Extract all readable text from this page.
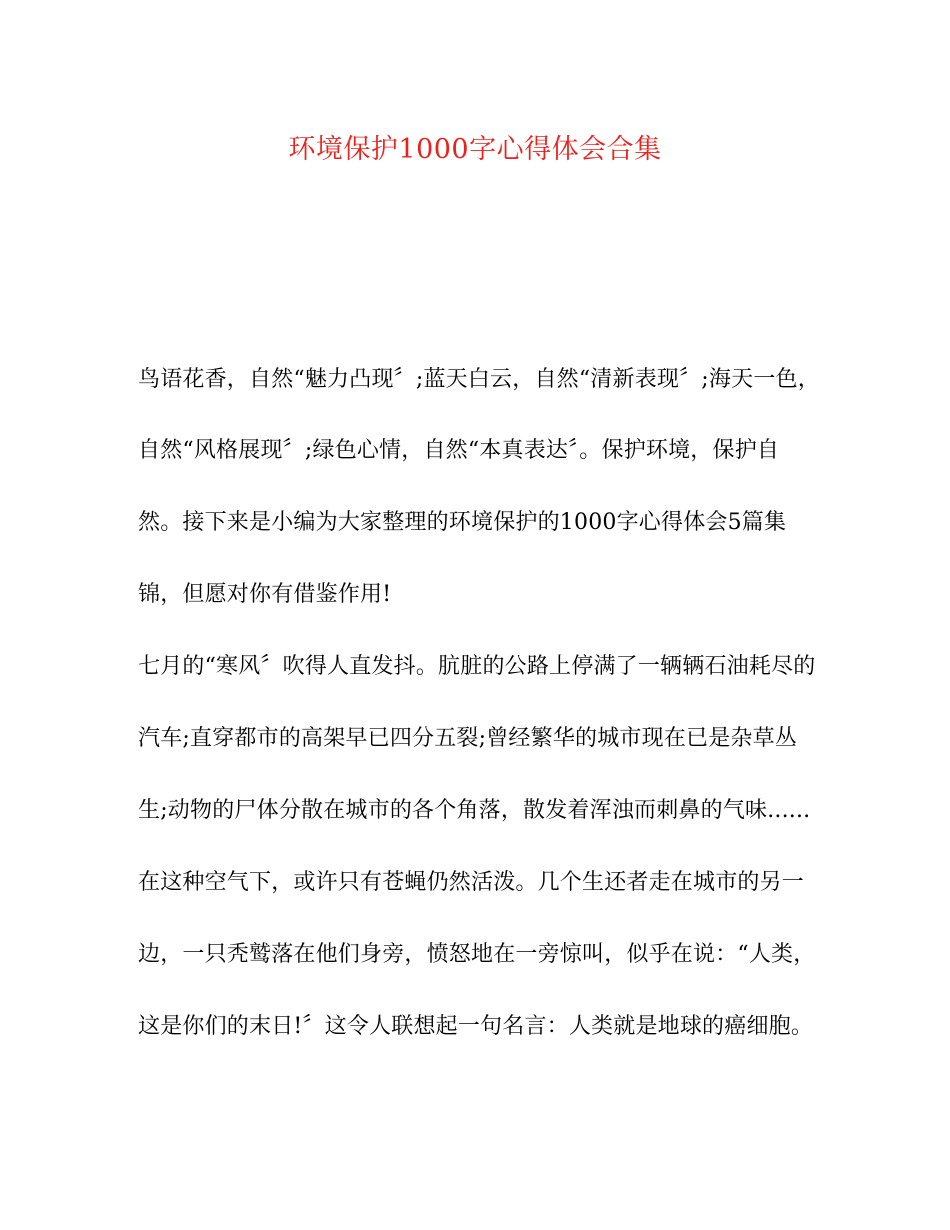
环境保护1000字心得体会合集
鸟语花香，自然“魅力凸现〞;蓝天白云，自然“清新表现〞;海天一色，
自然“风格展现〞;绿色心情，自然“本真表达〞。保护环境，保护自
然。接下来是小编为大家整理的环境保护的1000字心得体会5篇集
锦，但愿对你有借鉴作用!
七月的“寒风〞吹得人直发抖。肮脏的公路上停满了一辆辆石油耗尽的
汽车;直穿都市的高架早已四分五裂;曾经繁华的城市现在已是杂草丛
生;动物的尸体分散在城市的各个角落，散发着浑浊而刺鼻的气味......
在这种空气下，或许只有苍蝇仍然活泼。几个生还者走在城市的另一
边，一只秃鹫落在他们身旁，愤怒地在一旁惊叫，似乎在说：“人类，
这是你们的末日!〞这令人联想起一句名言：人类就是地球的癌细胞。
